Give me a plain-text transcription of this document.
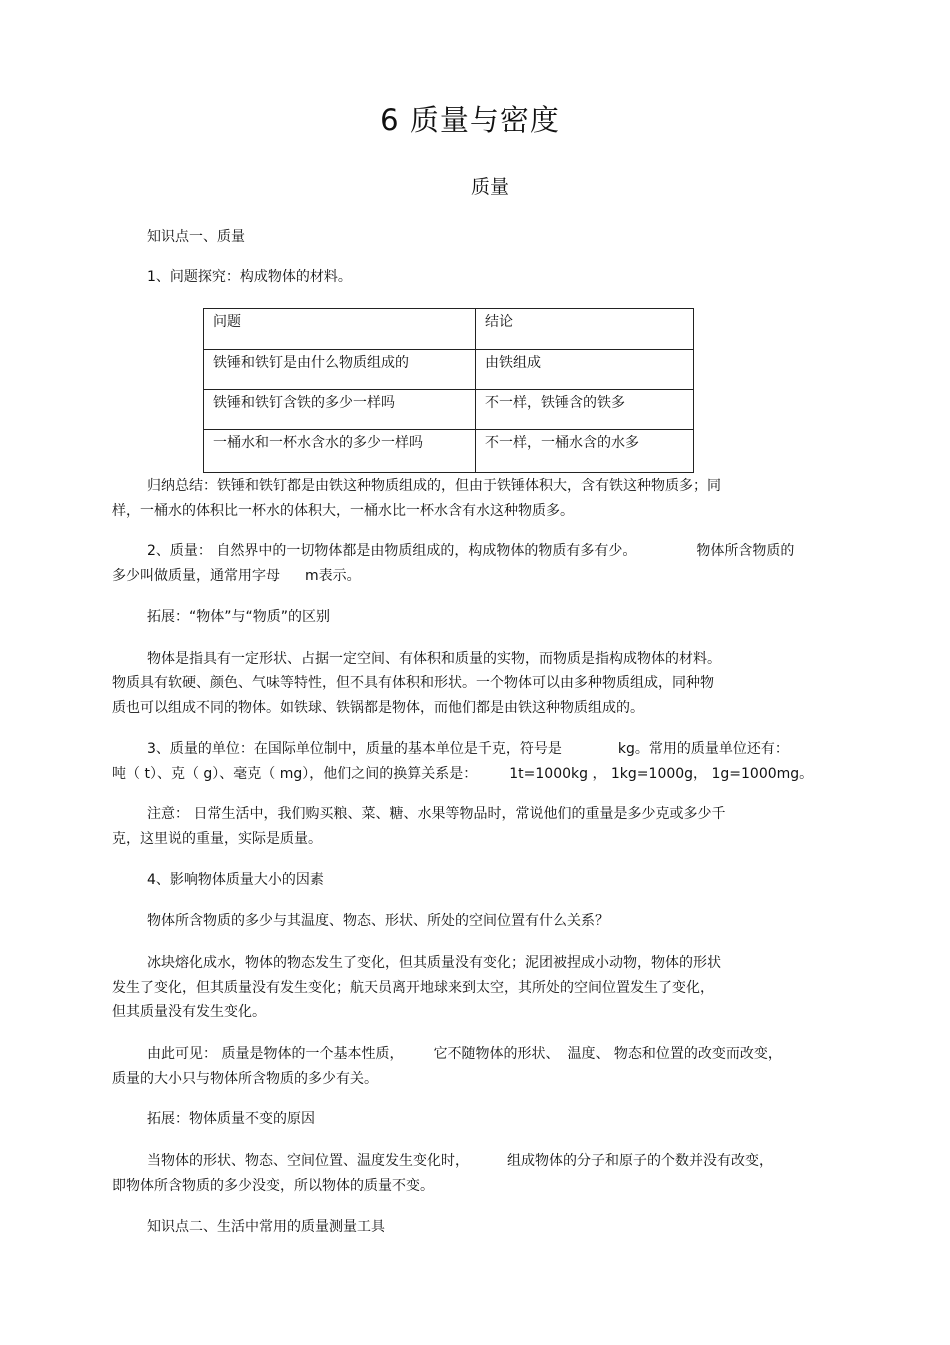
6 质量与密度
质量
知识点一、质量
1、问题探究：构成物体的材料。
问题	结论
铁锤和铁钉是由什么物质组成的	由铁组成
铁锤和铁钉含铁的多少一样吗	不一样，铁锤含的铁多
一桶水和一杯水含水的多少一样吗	不一样，一桶水含的水多
归纳总结：铁锤和铁钉都是由铁这种物质组成的，但由于铁锤体积大，含有铁这种物质多；同
样，一桶水的体积比一杯水的体积大，一桶水比一杯水含有水这种物质多。
2、质量： 自然界中的一切物体都是由物质组成的，构成物体的物质有多有少。	物体所含物质的
多少叫做质量，通常用字母 m表示。
拓展：“物体”与“物质”的区别
物体是指具有一定形状、占据一定空间、有体积和质量的实物，而物质是指构成物体的材料。
物质具有软硬、颜色、气味等特性，但不具有体积和形状。一个物体可以由多种物质组成，同种物
质也可以组成不同的物体。如铁球、铁锅都是物体，而他们都是由铁这种物质组成的。
3、质量的单位：在国际单位制中，质量的基本单位是千克，符号是	kg。常用的质量单位还有：
吨（ t）、克（ g）、毫克（ mg），他们之间的换算关系是： 1t=1000kg ， 1kg=1000g， 1g=1000mg。
注意： 日常生活中，我们购买粮、菜、糖、水果等物品时，常说他们的重量是多少克或多少千
克，这里说的重量，实际是质量。
4、影响物体质量大小的因素
物体所含物质的多少与其温度、物态、形状、所处的空间位置有什么关系？
冰块熔化成水，物体的物态发生了变化，但其质量没有变化；泥团被捏成小动物，物体的形状
发生了变化，但其质量没有发生变化；航天员离开地球来到太空，其所处的空间位置发生了变化，
但其质量没有发生变化。
由此可见： 质量是物体的一个基本性质， 它不随物体的形状、 温度、 物态和位置的改变而改变，
质量的大小只与物体所含物质的多少有关。
拓展：物体质量不变的原因
当物体的形状、物态、空间位置、温度发生变化时，	组成物体的分子和原子的个数并没有改变，
即物体所含物质的多少没变，所以物体的质量不变。
知识点二、生活中常用的质量测量工具
